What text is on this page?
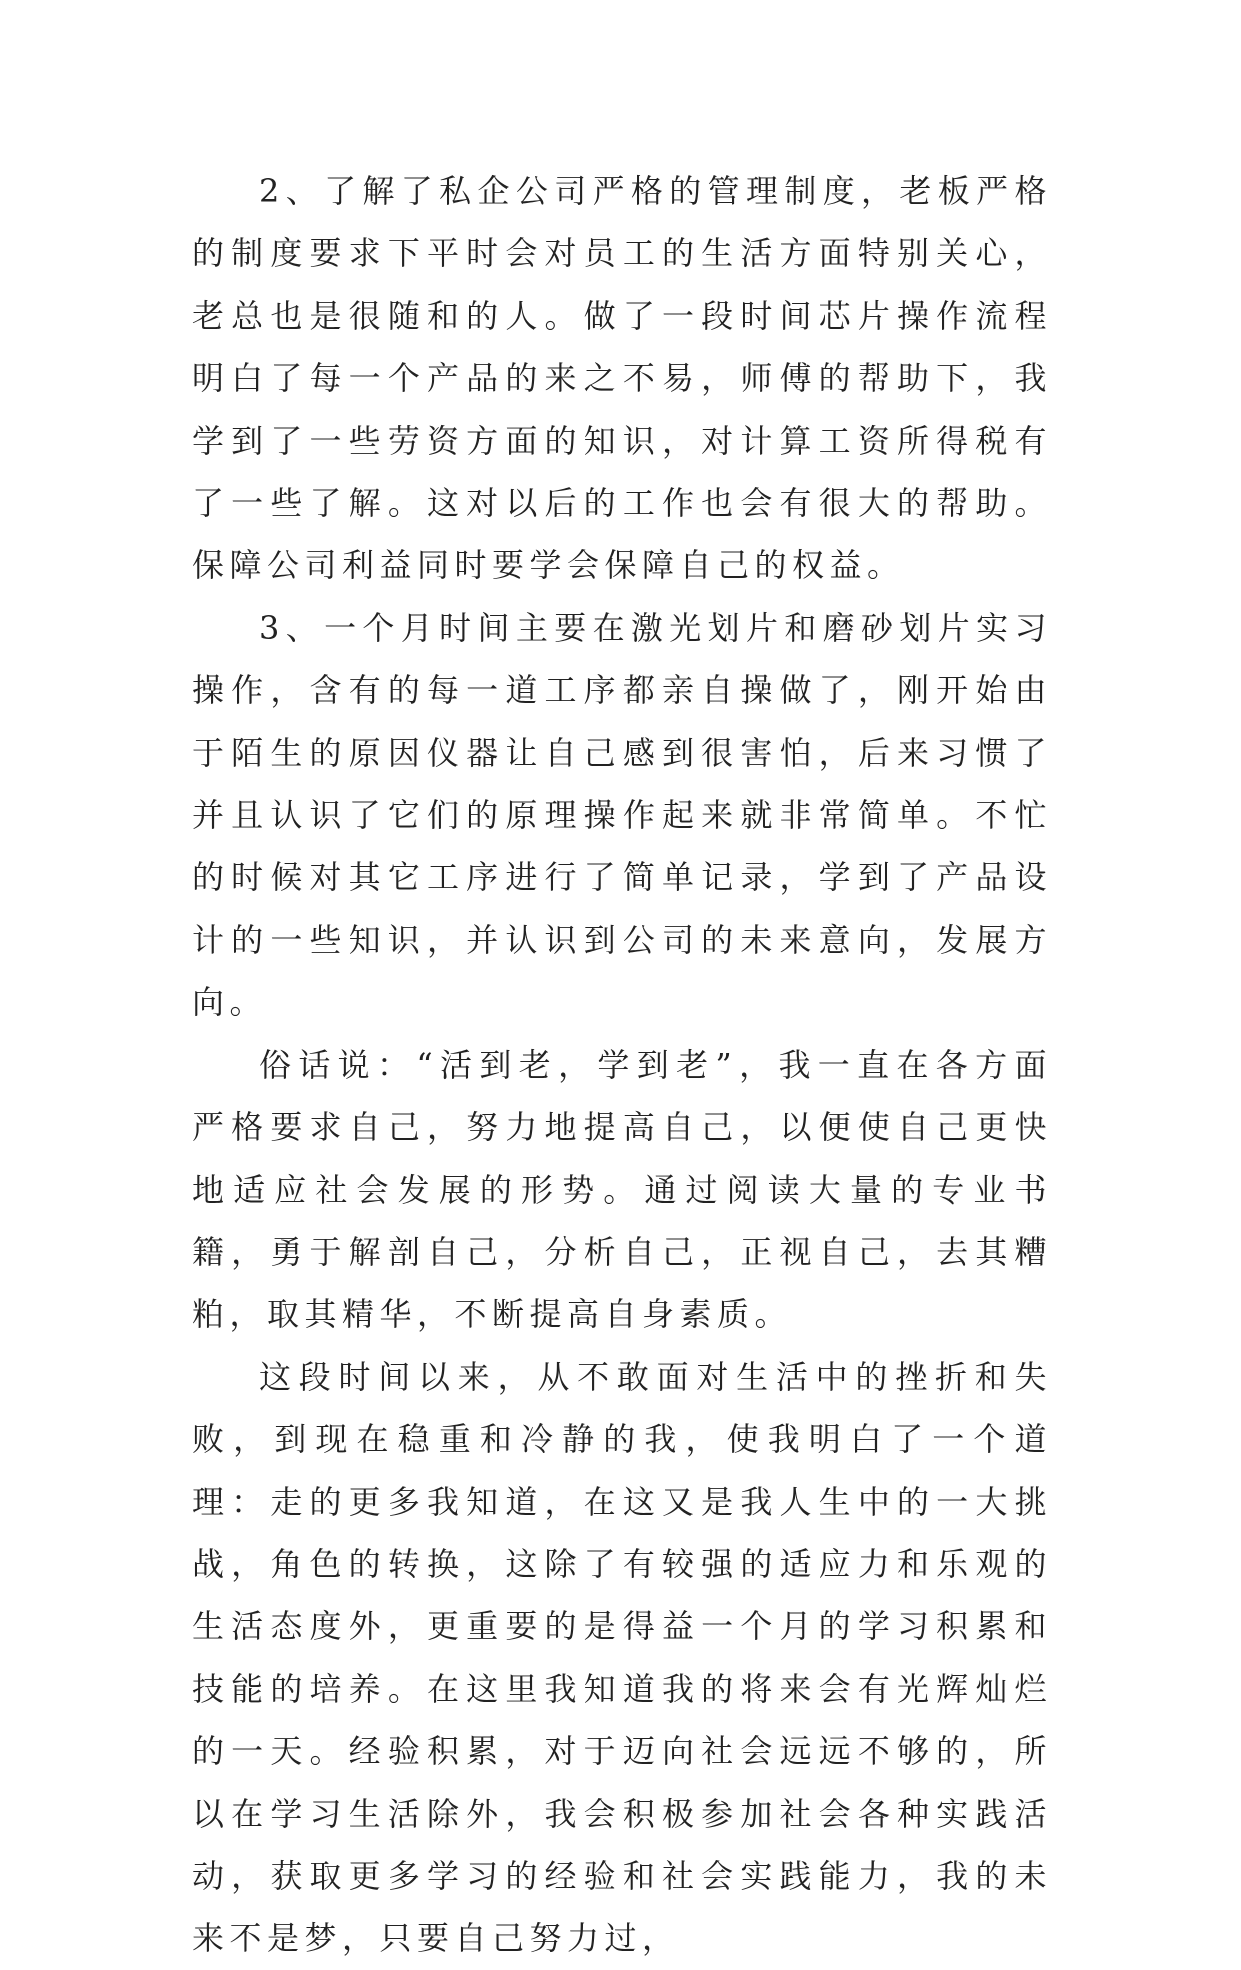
2、了解了私企公司严格的管理制度，老板严格的制度要求下平时会对员工的生活方面特别关心，老总也是很随和的人。做了一段时间芯片操作流程明白了每一个产品的来之不易，师傅的帮助下，我学到了一些劳资方面的知识，对计算工资所得税有了一些了解。这对以后的工作也会有很大的帮助。保障公司利益同时要学会保障自己的权益。

3、一个月时间主要在激光划片和磨砂划片实习操作，含有的每一道工序都亲自操做了，刚开始由于陌生的原因仪器让自己感到很害怕，后来习惯了并且认识了它们的原理操作起来就非常简单。不忙的时候对其它工序进行了简单记录，学到了产品设计的一些知识，并认识到公司的未来意向，发展方向。

俗话说：“活到老，学到老”，我一直在各方面严格要求自己，努力地提高自己，以便使自己更快地适应社会发展的形势。通过阅读大量的专业书籍，勇于解剖自己，分析自己，正视自己，去其糟粕，取其精华，不断提高自身素质。

这段时间以来，从不敢面对生活中的挫折和失败，到现在稳重和冷静的我，使我明白了一个道理：走的更多我知道，在这又是我人生中的一大挑战，角色的转换，这除了有较强的适应力和乐观的生活态度外，更重要的是得益一个月的学习积累和技能的培养。在这里我知道我的将来会有光辉灿烂的一天。经验积累，对于迈向社会远远不够的，所以在学习生活除外，我会积极参加社会各种实践活动，获取更多学习的经验和社会实践能力，我的未来不是梦，只要自己努力过，
